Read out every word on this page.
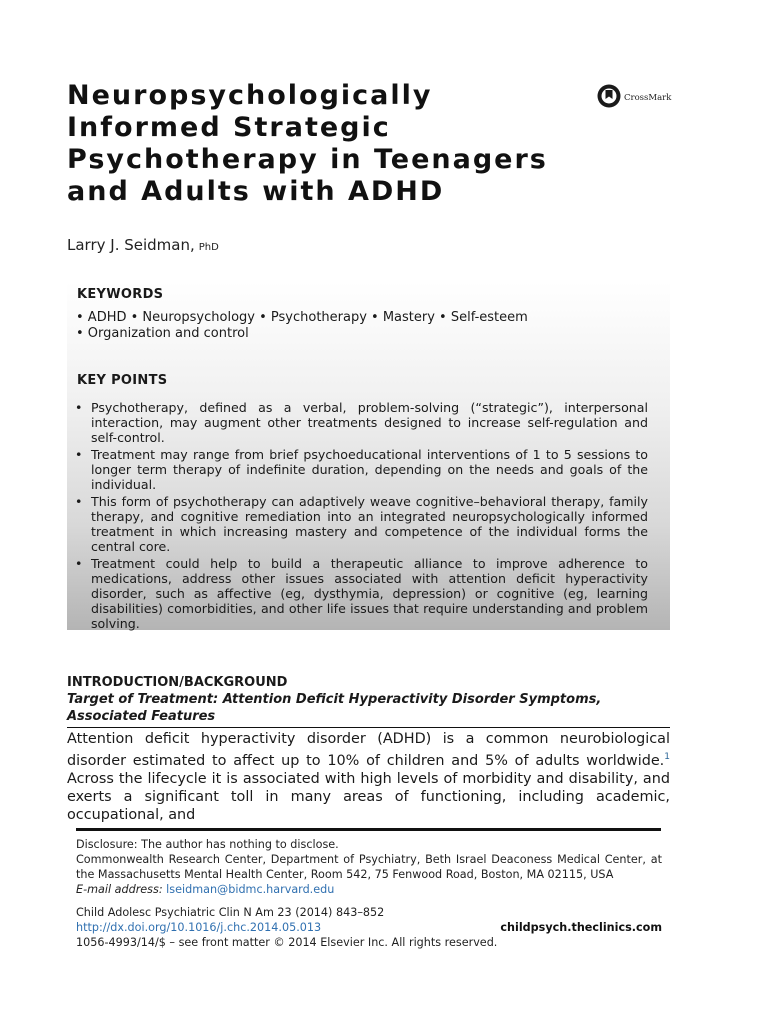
Neuropsychologically Informed Strategic Psychotherapy in Teenagers and Adults with ADHD
CrossMark
Larry J. Seidman, PhD
KEYWORDS
• ADHD • Neuropsychology • Psychotherapy • Mastery • Self-esteem
• Organization and control
KEY POINTS
• Psychotherapy, defined as a verbal, problem-solving (“strategic”), interpersonal interaction, may augment other treatments designed to increase self-regulation and self-control.
• Treatment may range from brief psychoeducational interventions of 1 to 5 sessions to longer term therapy of indefinite duration, depending on the needs and goals of the individual.
• This form of psychotherapy can adaptively weave cognitive–behavioral therapy, family therapy, and cognitive remediation into an integrated neuropsychologically informed treatment in which increasing mastery and competence of the individual forms the central core.
• Treatment could help to build a therapeutic alliance to improve adherence to medications, address other issues associated with attention deficit hyperactivity disorder, such as affective (eg, dysthymia, depression) or cognitive (eg, learning disabilities) comorbidities, and other life issues that require understanding and problem solving.
INTRODUCTION/BACKGROUND
Target of Treatment: Attention Deficit Hyperactivity Disorder Symptoms, Associated Features

Attention deficit hyperactivity disorder (ADHD) is a common neurobiological disorder estimated to affect up to 10% of children and 5% of adults worldwide.$^1$ Across the lifecycle it is associated with high levels of morbidity and disability, and exerts a significant toll in many areas of functioning, including academic, occupational, and

Disclosure: The author has nothing to disclose.

Commonwealth Research Center, Department of Psychiatry, Beth Israel Deaconess Medical Center, at the Massachusetts Mental Health Center, Room 542, 75 Fenwood Road, Boston, MA 02115, USA

E-mail address: lseidman@bidmc.harvard.edu

Child Adolesc Psychiatric Clin N Am 23 (2014) 843–852

http://dx.doi.org/10.1016/j.chc.2014.05.013	childpsych.theclinics.com

1056-4993/14/$ – see front matter © 2014 Elsevier Inc. All rights reserved.
